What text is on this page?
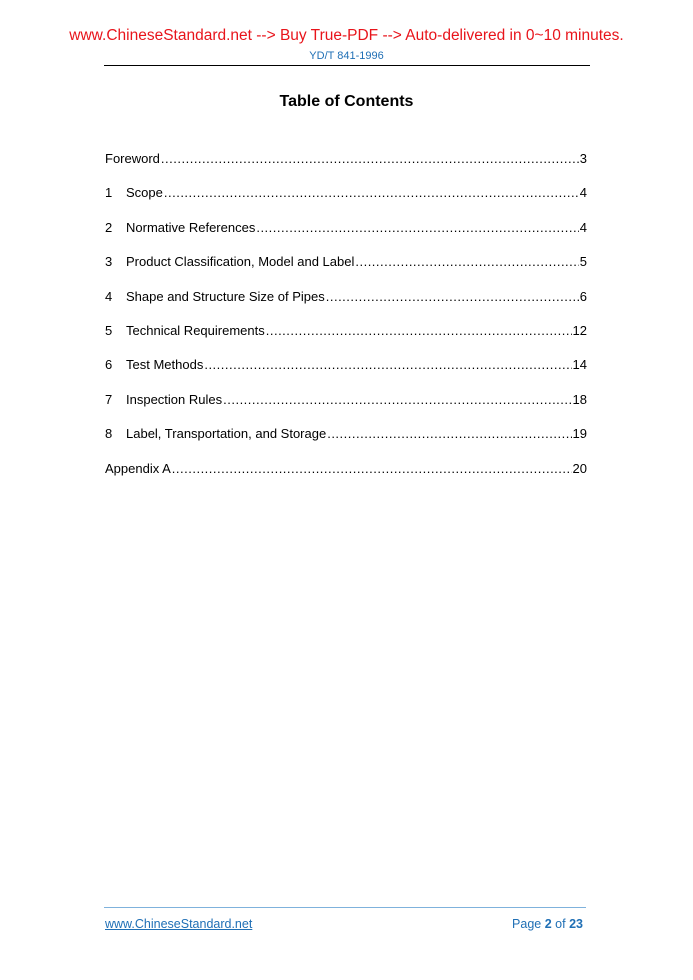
www.ChineseStandard.net --> Buy True-PDF --> Auto-delivered in 0~10 minutes.
YD/T 841-1996
Table of Contents
Foreword .....	3
1	Scope .....	4
2	Normative References .....	4
3	Product Classification, Model and Label .....	5
4	Shape and Structure Size of Pipes .....	6
5	Technical Requirements .....	12
6	Test Methods .....	14
7	Inspection Rules .....	18
8	Label, Transportation, and Storage .....	19
Appendix A .....	20
www.ChineseStandard.net	Page 2 of 23
